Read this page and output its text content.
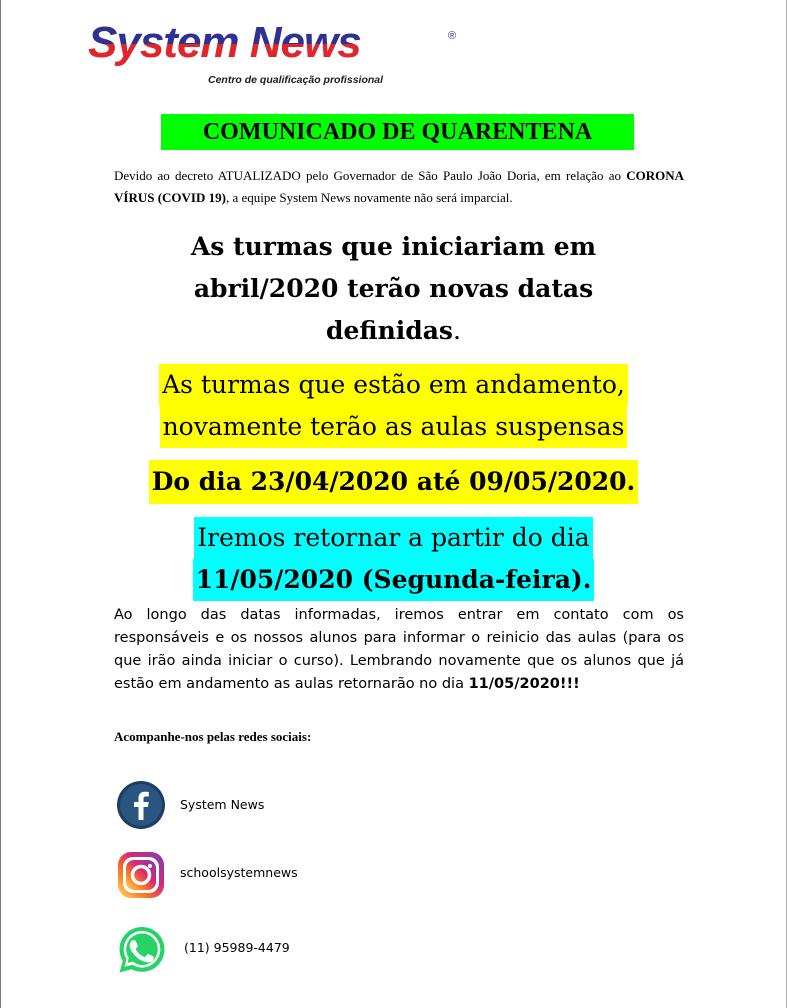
System News	®
Centro de qualificação profissional
COMUNICADO DE QUARENTENA
Devido ao decreto ATUALIZADO pelo Governador de São Paulo João Doria, em relação ao CORONA VÍRUS (COVID 19), a equipe System News novamente não será imparcial.
As turmas que iniciariam em
abril/2020 terão novas datas
definidas.
As turmas que estão em andamento,
novamente terão as aulas suspensas
Do dia 23/04/2020 até 09/05/2020.
Iremos retornar a partir do dia
11/05/2020 (Segunda-feira).
Ao longo das datas informadas, iremos entrar em contato com os responsáveis e os nossos alunos para informar o reinicio das aulas (para os que irão ainda iniciar o curso). Lembrando novamente que os alunos que já estão em andamento as aulas retornarão no dia 11/05/2020!!!
Acompanhe-nos pelas redes sociais:
System News
schoolsystemnews
(11) 95989-4479
